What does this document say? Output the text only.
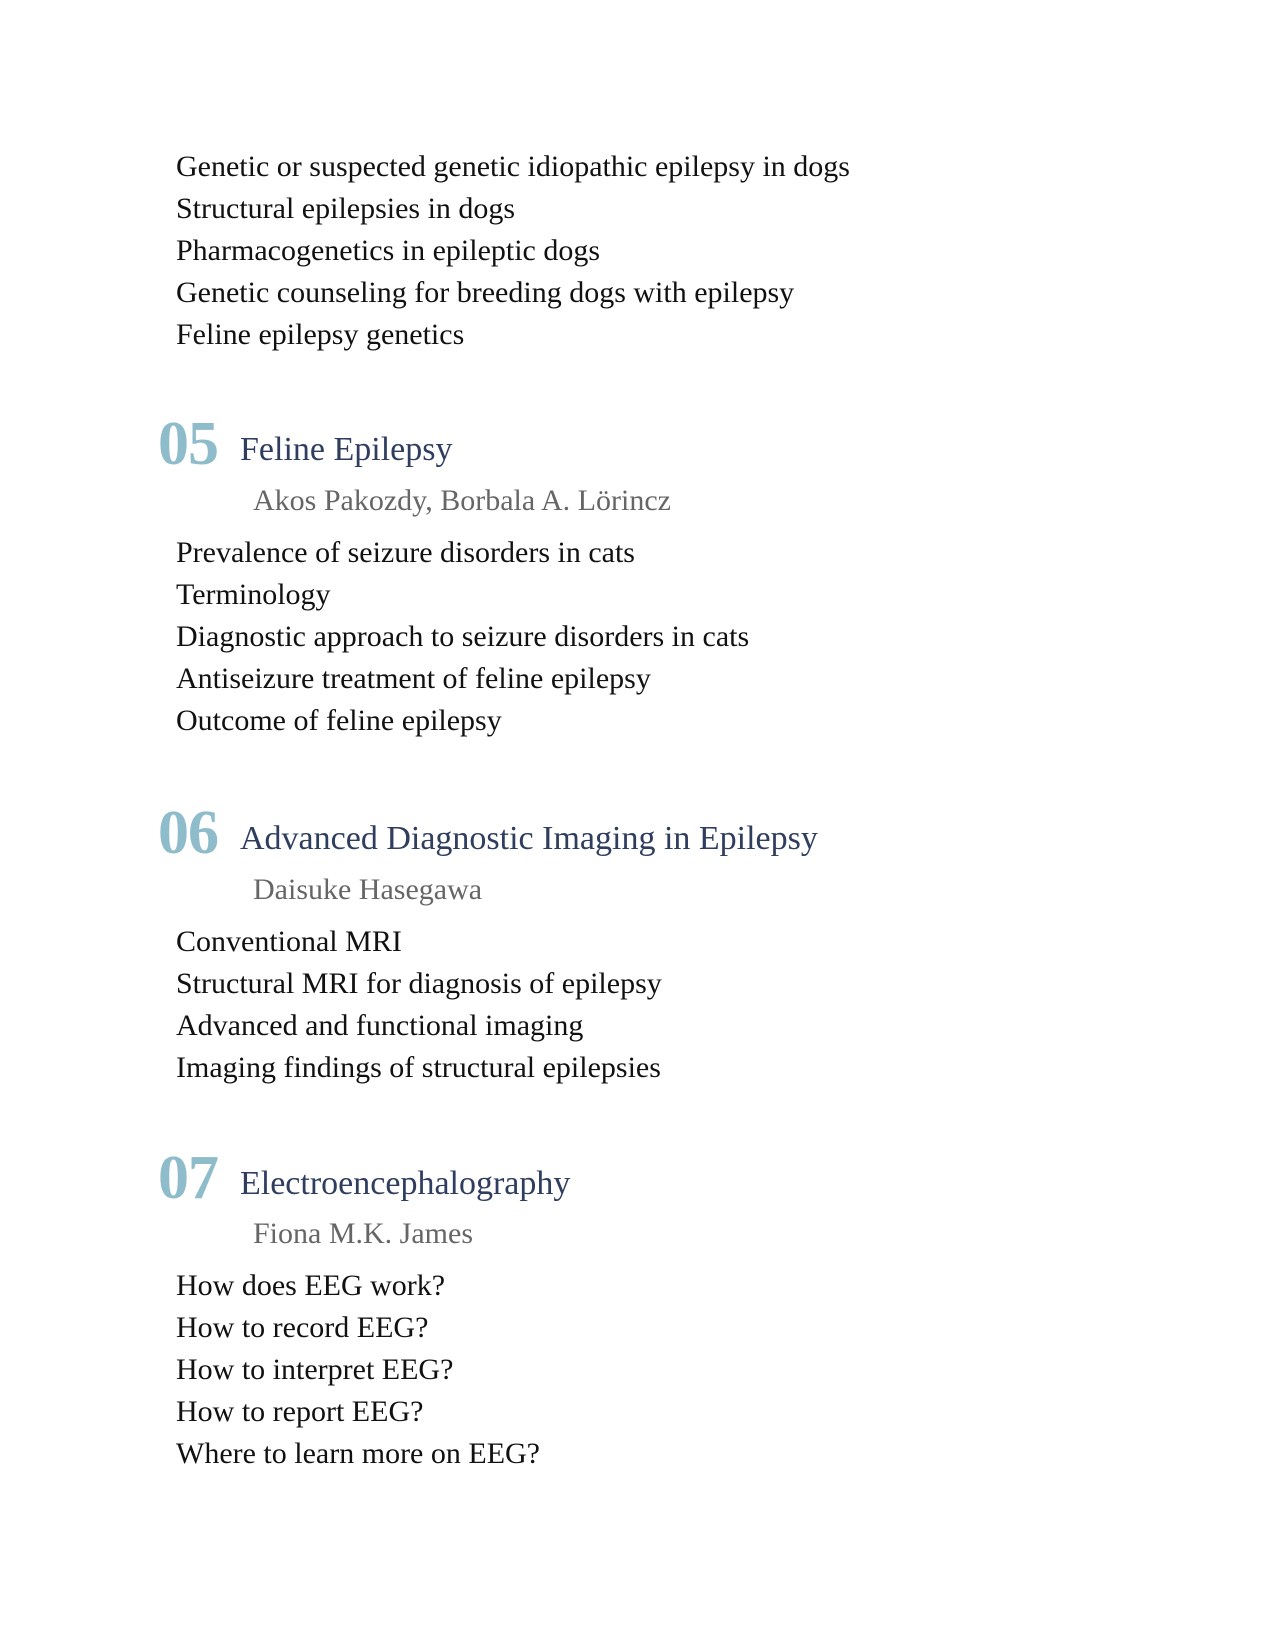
Genetic or suspected genetic idiopathic epilepsy in dogs
Structural epilepsies in dogs
Pharmacogenetics in epileptic dogs
Genetic counseling for breeding dogs with epilepsy
Feline epilepsy genetics
05 Feline Epilepsy
Akos Pakozdy, Borbala A. Lörincz
Prevalence of seizure disorders in cats
Terminology
Diagnostic approach to seizure disorders in cats
Antiseizure treatment of feline epilepsy
Outcome of feline epilepsy
06 Advanced Diagnostic Imaging in Epilepsy
Daisuke Hasegawa
Conventional MRI
Structural MRI for diagnosis of epilepsy
Advanced and functional imaging
Imaging findings of structural epilepsies
07 Electroencephalography
Fiona M.K. James
How does EEG work?
How to record EEG?
How to interpret EEG?
How to report EEG?
Where to learn more on EEG?
